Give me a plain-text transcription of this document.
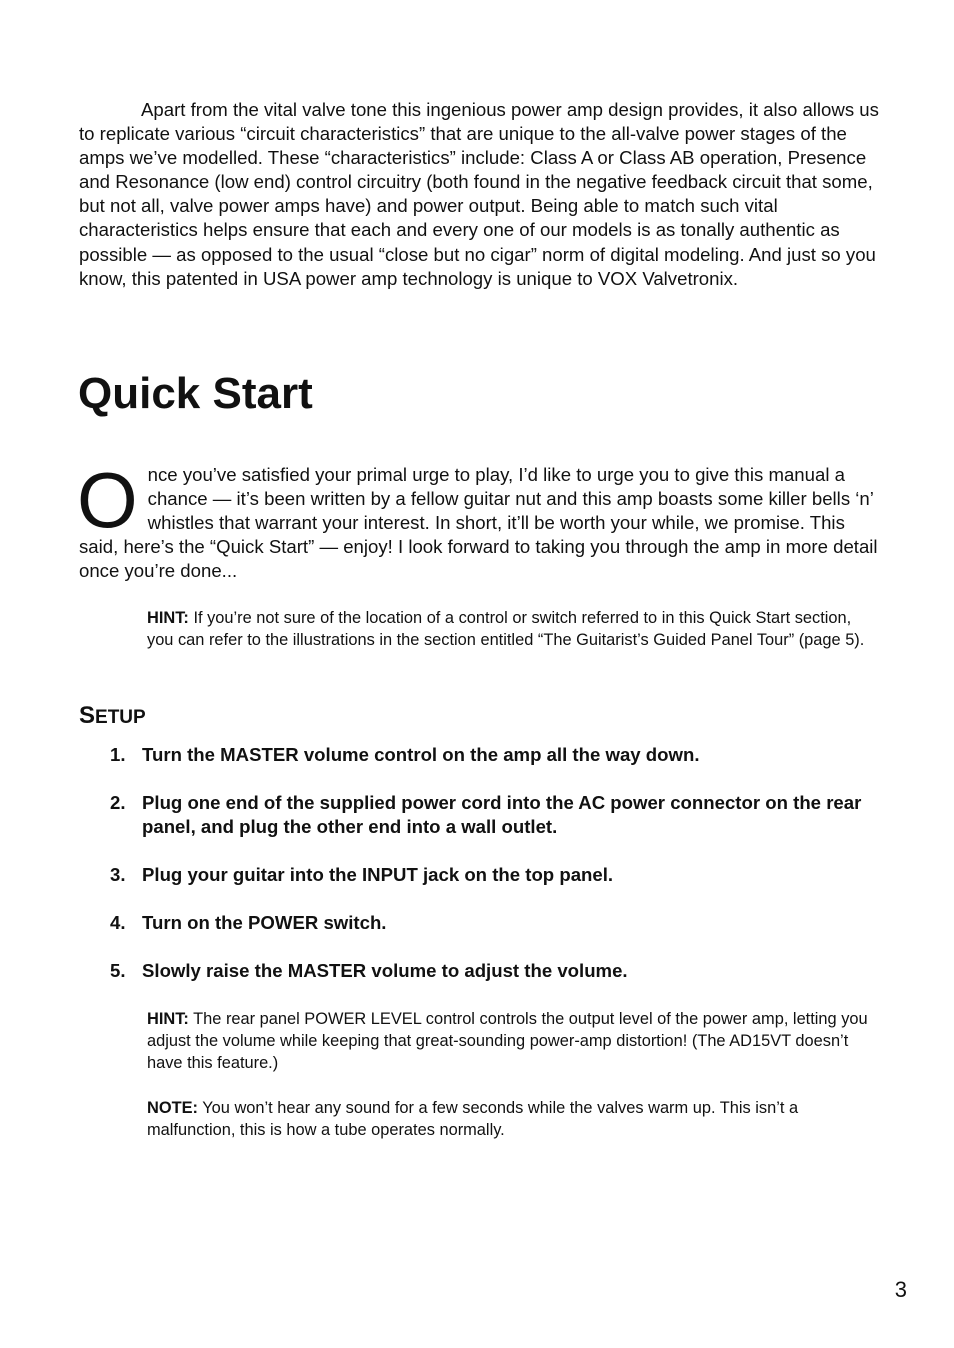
Apart from the vital valve tone this ingenious power amp design provides, it also allows us to replicate various “circuit characteristics” that are unique to the all-valve power stages of the amps we’ve modelled. These “characteristics” include: Class A or Class AB operation, Presence and Resonance (low end) control circuitry (both found in the negative feedback circuit that some, but not all, valve power amps have) and power output. Being able to match such vital characteristics helps ensure that each and every one of our models is as tonally authentic as possible — as opposed to the usual “close but no cigar” norm of digital modeling. And just so you know, this patented in USA power amp technology is unique to VOX Valvetronix.

Quick Start

Once you’ve satisfied your primal urge to play, I’d like to urge you to give this manual a chance — it’s been written by a fellow guitar nut and this amp boasts some killer bells ‘n’ whistles that warrant your interest. In short, it’ll be worth your while, we promise. This said, here’s the “Quick Start” — enjoy! I look forward to taking you through the amp in more detail once you’re done...

HINT: If you’re not sure of the location of a control or switch referred to in this Quick Start section, you can refer to the illustrations in the section entitled “The Guitarist’s Guided Panel Tour” (page 5).

SETUP
1. Turn the MASTER volume control on the amp all the way down.
2. Plug one end of the supplied power cord into the AC power connector on the rear panel, and plug the other end into a wall outlet.
3. Plug your guitar into the INPUT jack on the top panel.
4. Turn on the POWER switch.
5. Slowly raise the MASTER volume to adjust the volume.

HINT: The rear panel POWER LEVEL control controls the output level of the power amp, letting you adjust the volume while keeping that great-sounding power-amp distortion! (The AD15VT doesn’t have this feature.)

NOTE: You won’t hear any sound for a few seconds while the valves warm up. This isn’t a malfunction, this is how a tube operates normally.

3
